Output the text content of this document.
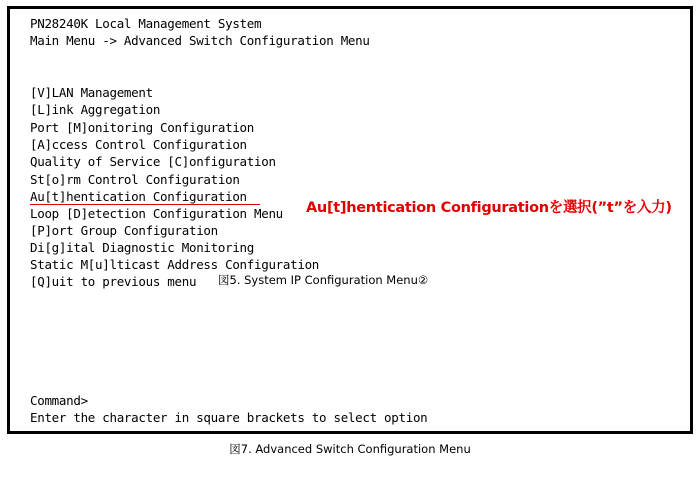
PN28240K Local Management System
Main Menu -> Advanced Switch Configuration Menu
[V]LAN Management
[L]ink Aggregation
Port [M]onitoring Configuration
[A]ccess Control Configuration
Quality of Service [C]onfiguration
St[o]rm Control Configuration
Au[t]hentication Configuration
Loop [D]etection Configuration Menu
[P]ort Group Configuration
Di[g]ital Diagnostic Monitoring
Static M[u]lticast Address Configuration
[Q]uit to previous menu
Au[t]hentication Configurationを選択(”t”を入力)
図5. System IP Configuration Menu②
Command>
Enter the character in square brackets to select option
図7. Advanced Switch Configuration Menu
